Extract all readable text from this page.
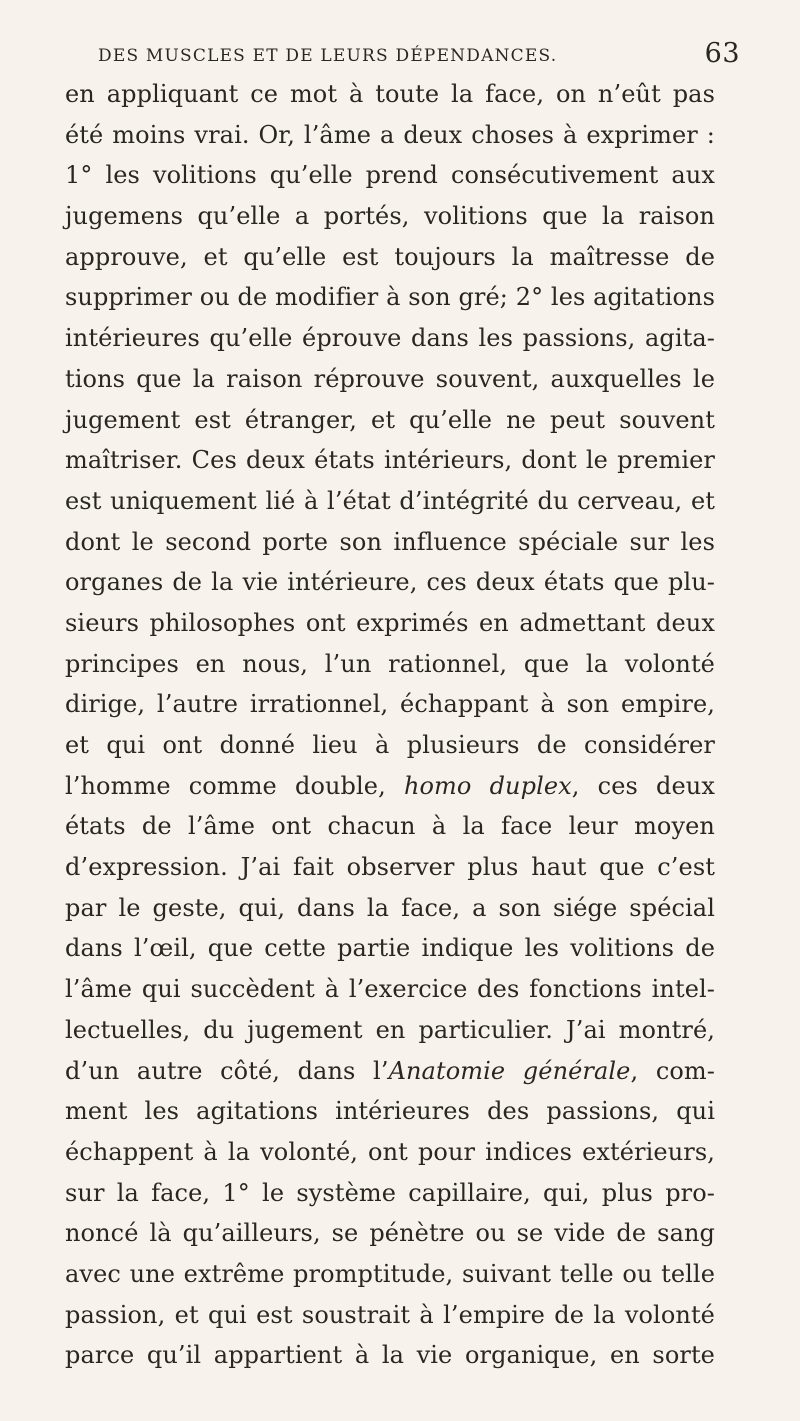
DES MUSCLES ET DE LEURS DÉPENDANCES.	63
en appliquant ce mot à toute la face, on n’eût pas
été moins vrai. Or, l’âme a deux choses à exprimer :
1° les volitions qu’elle prend consécutivement aux
jugemens qu’elle a portés, volitions que la raison
approuve, et qu’elle est toujours la maîtresse de
supprimer ou de modifier à son gré; 2° les agitations
intérieures qu’elle éprouve dans les passions, agita-
tions que la raison réprouve souvent, auxquelles le
jugement est étranger, et qu’elle ne peut souvent
maîtriser. Ces deux états intérieurs, dont le premier
est uniquement lié à l’état d’intégrité du cerveau, et
dont le second porte son influence spéciale sur les
organes de la vie intérieure, ces deux états que plu-
sieurs philosophes ont exprimés en admettant deux
principes en nous, l’un rationnel, que la volonté
dirige, l’autre irrationnel, échappant à son empire,
et qui ont donné lieu à plusieurs de considérer
l’homme comme double, homo duplex, ces deux
états de l’âme ont chacun à la face leur moyen
d’expression. J’ai fait observer plus haut que c’est
par le geste, qui, dans la face, a son siége spécial
dans l’œil, que cette partie indique les volitions de
l’âme qui succèdent à l’exercice des fonctions intel-
lectuelles, du jugement en particulier. J’ai montré,
d’un autre côté, dans l’Anatomie générale, com-
ment les agitations intérieures des passions, qui
échappent à la volonté, ont pour indices extérieurs,
sur la face, 1° le système capillaire, qui, plus pro-
noncé là qu’ailleurs, se pénètre ou se vide de sang
avec une extrême promptitude, suivant telle ou telle
passion, et qui est soustrait à l’empire de la volonté
parce qu’il appartient à la vie organique, en sorte
